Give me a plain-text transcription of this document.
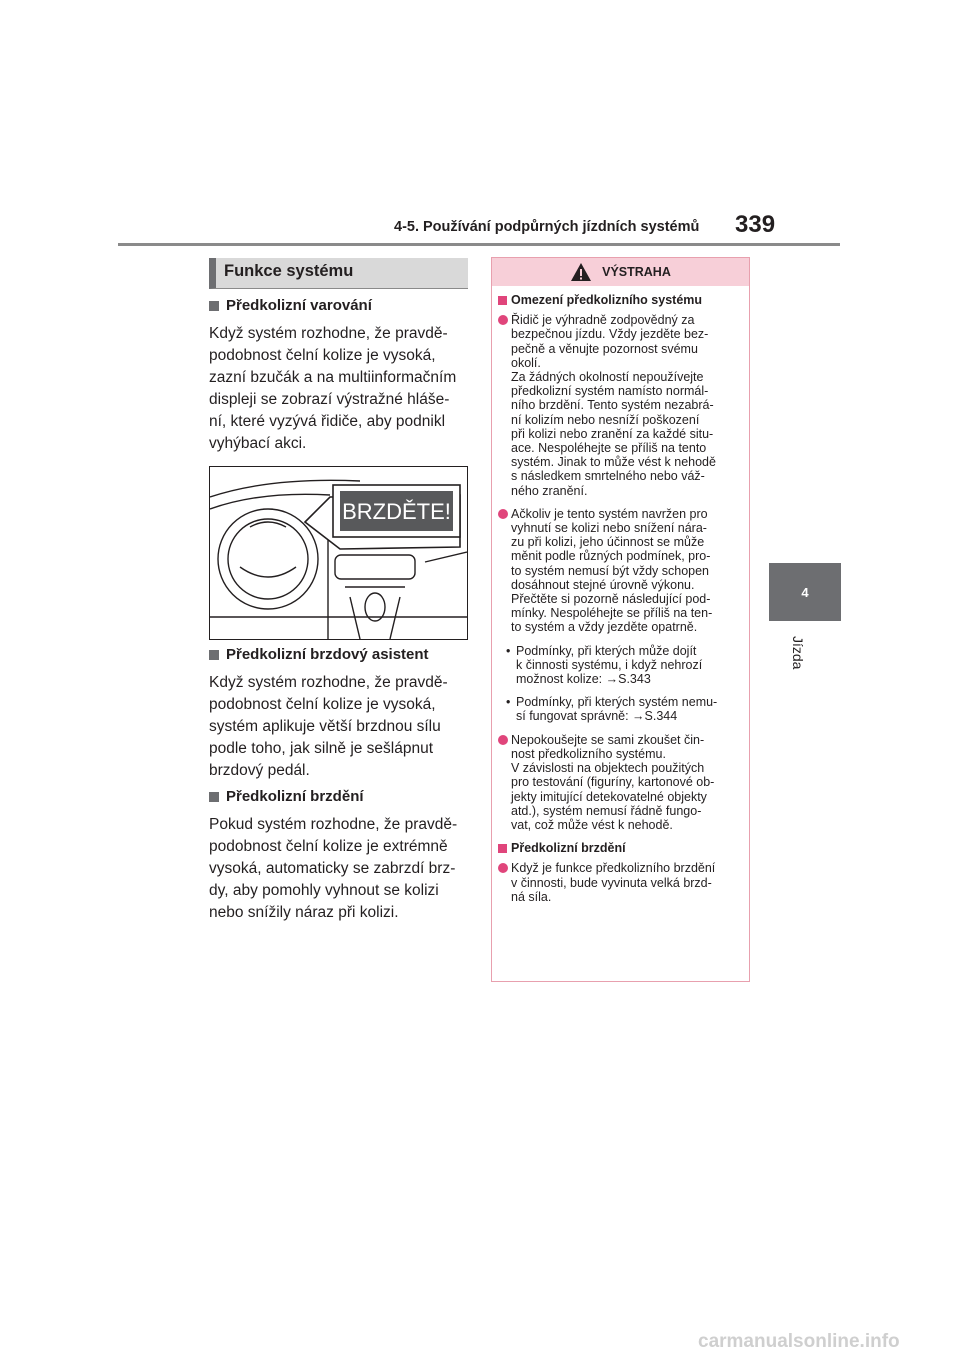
4-5. Používání podpůrných jízdních systémů 339
4
Jízda
Funkce systému
Předkolizní varování
Když systém rozhodne, že pravdě-
podobnost čelní kolize je vysoká,
zazní bzučák a na multiinformačním
displeji se zobrazí výstražné hláše-
ní, které vyzývá řidiče, aby podnikl
vyhýbací akci.
BRZDĚTE!
Předkolizní brzdový asistent
Když systém rozhodne, že pravdě-
podobnost čelní kolize je vysoká,
systém aplikuje větší brzdnou sílu
podle toho, jak silně je sešlápnut
brzdový pedál.
Předkolizní brzdění
Pokud systém rozhodne, že pravdě-
podobnost čelní kolize je extrémně
vysoká, automaticky se zabrzdí brz-
dy, aby pomohly vyhnout se kolizi
nebo snížily náraz při kolizi.
VÝSTRAHA
Omezení předkolizního systému
Řidič je výhradně zodpovědný za
bezpečnou jízdu. Vždy jezděte bez-
pečně a věnujte pozornost svému
okolí.
Za žádných okolností nepoužívejte
předkolizní systém namísto normál-
ního brzdění. Tento systém nezabrá-
ní kolizím nebo nesníží poškození
při kolizi nebo zranění za každé situ-
ace. Nespoléhejte se příliš na tento
systém. Jinak to může vést k nehodě
s následkem smrtelného nebo váž-
ného zranění.
Ačkoliv je tento systém navržen pro
vyhnutí se kolizi nebo snížení nára-
zu při kolizi, jeho účinnost se může
měnit podle různých podmínek, pro-
to systém nemusí být vždy schopen
dosáhnout stejné úrovně výkonu.
Přečtěte si pozorně následující pod-
mínky. Nespoléhejte se příliš na ten-
to systém a vždy jezděte opatrně.
• Podmínky, při kterých může dojít
k činnosti systému, i když nehrozí
možnost kolize: →S.343
• Podmínky, při kterých systém nemu-
sí fungovat správně: →S.344
Nepokoušejte se sami zkoušet čin-
nost předkolizního systému.
V závislosti na objektech použitých
pro testování (figuríny, kartonové ob-
jekty imitující detekovatelné objekty
atd.), systém nemusí řádně fungo-
vat, což může vést k nehodě.
Předkolizní brzdění
Když je funkce předkolizního brzdění
v činnosti, bude vyvinuta velká brzd-
ná síla.
carmanualsonline.info
